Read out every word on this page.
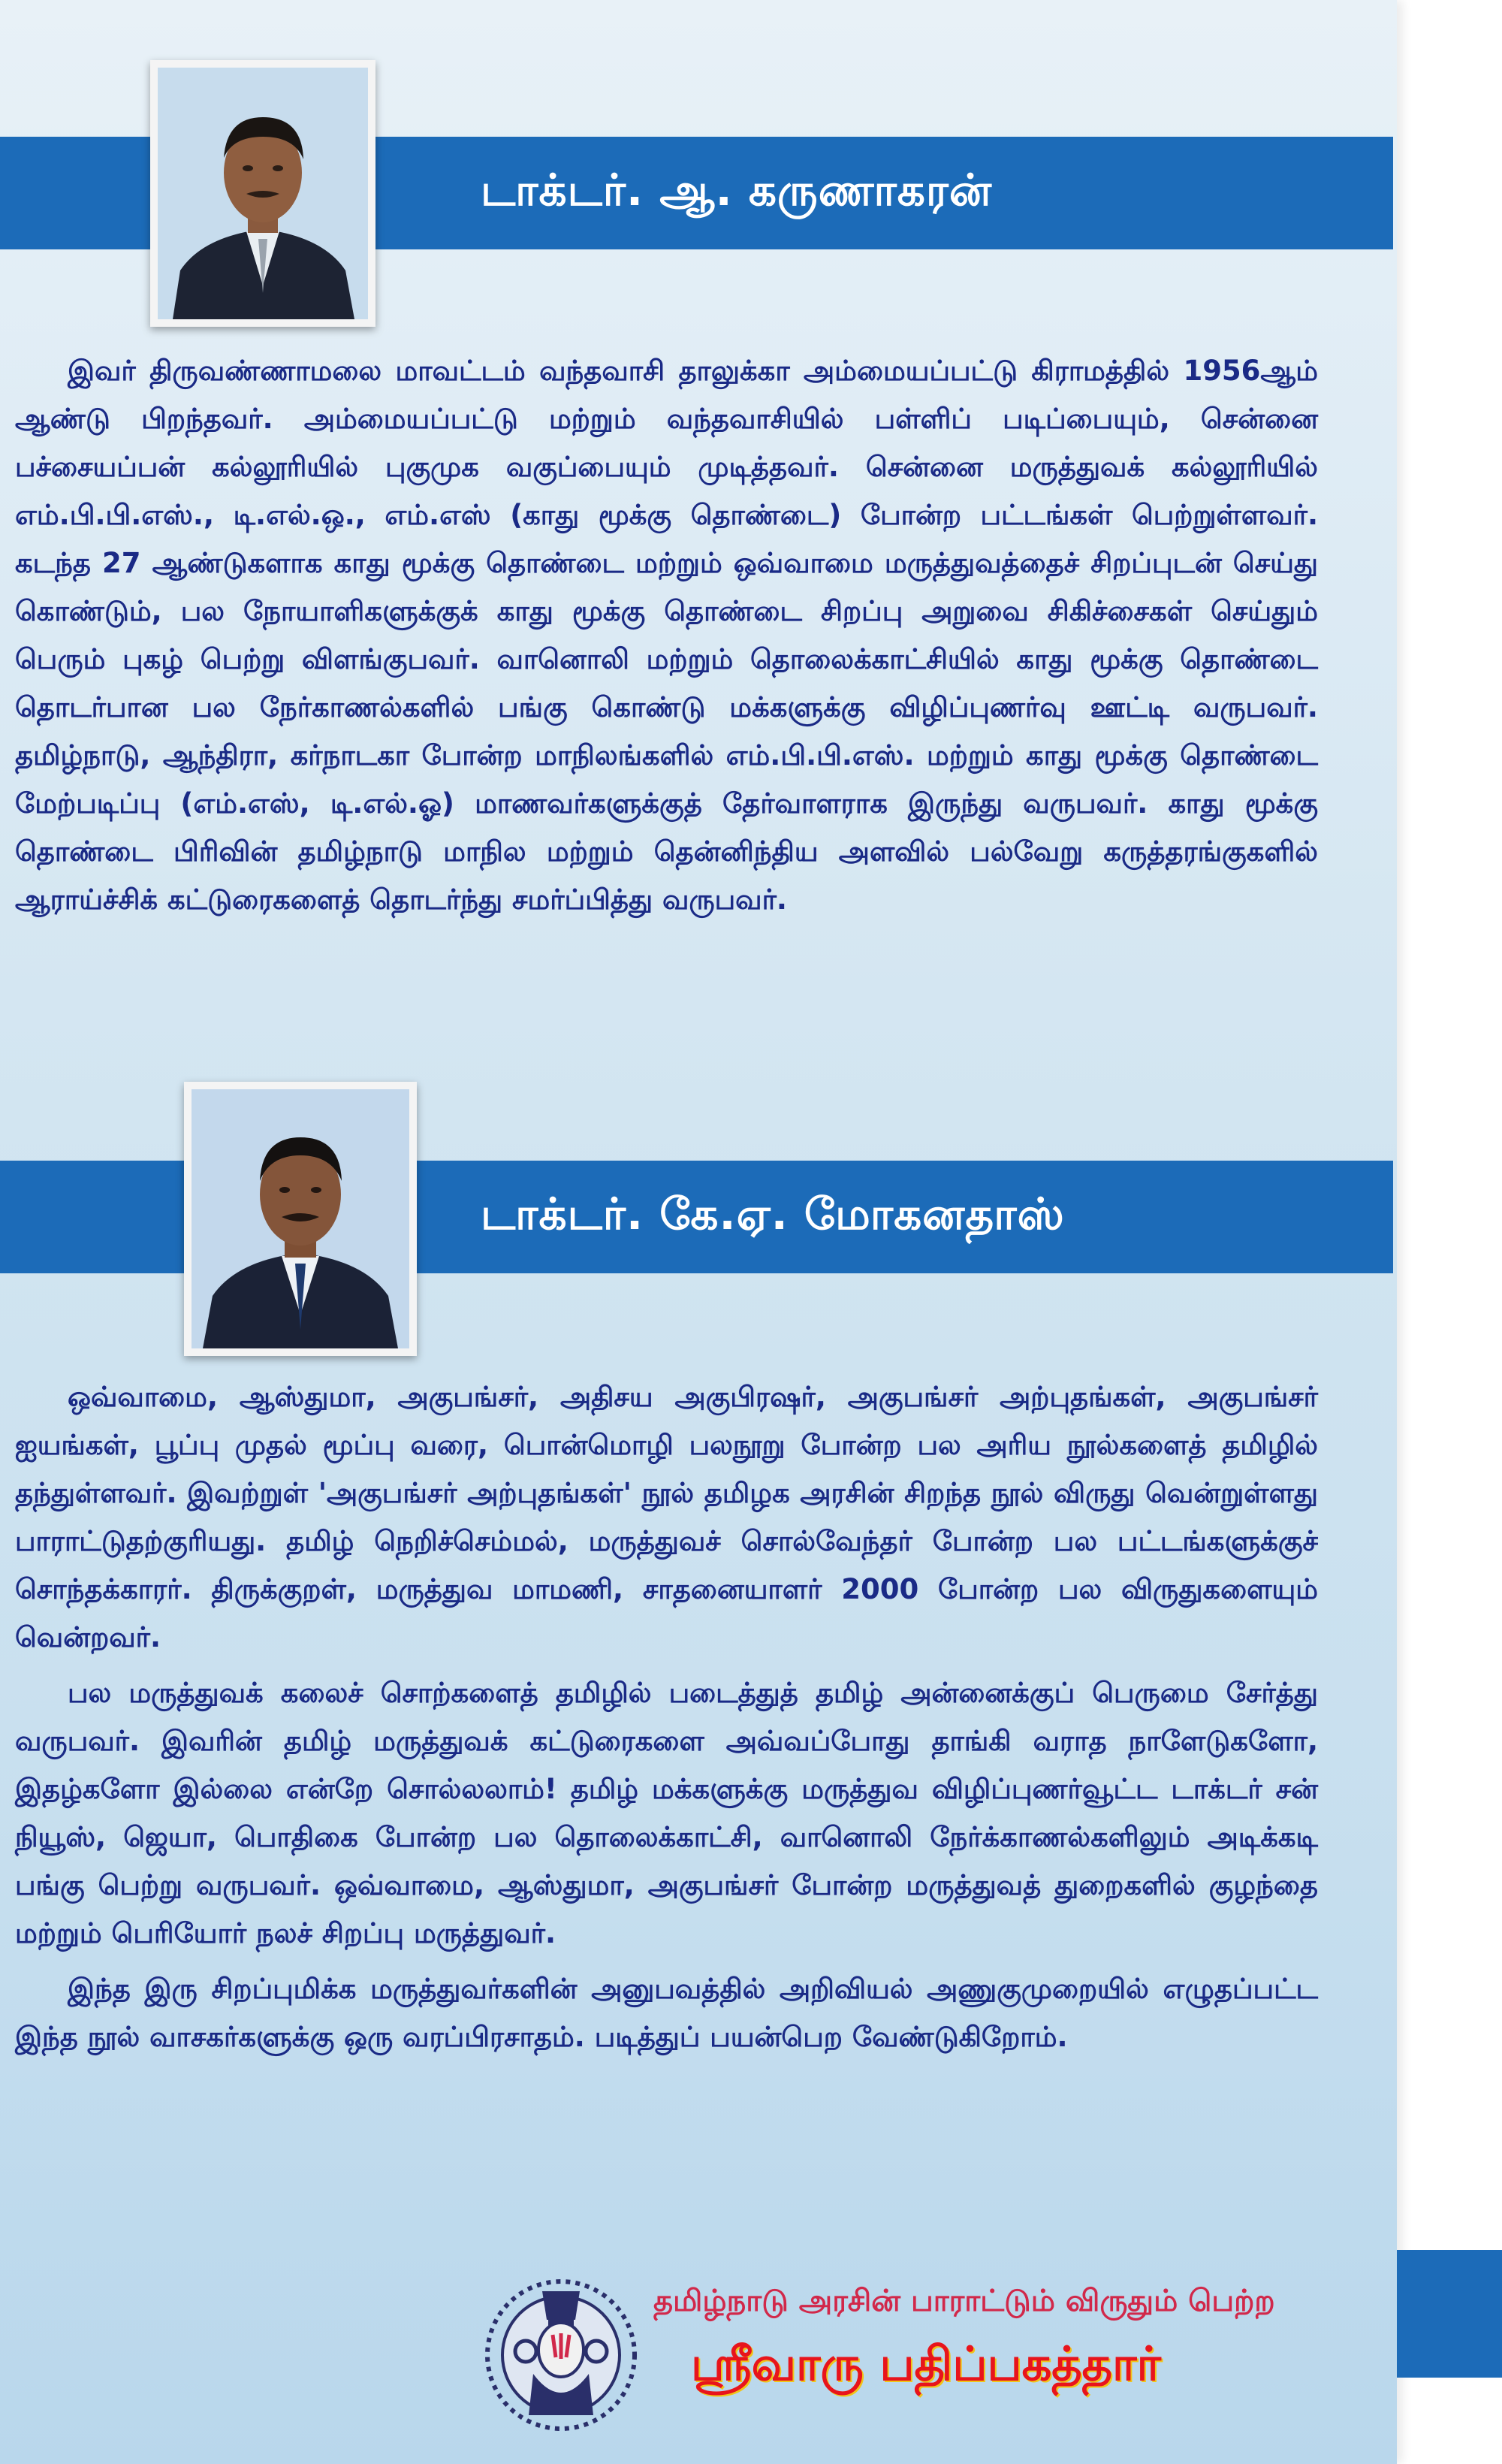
டாக்டர். ஆ. கருணாகரன்

இவர் திருவண்ணாமலை மாவட்டம் வந்தவாசி தாலுக்கா அம்மையப்பட்டு கிராமத்தில் 1956ஆம் ஆண்டு பிறந்தவர். அம்மையப்பட்டு மற்றும் வந்தவாசியில் பள்ளிப் படிப்பையும், சென்னை பச்சையப்பன் கல்லூரியில் புகுமுக வகுப்பையும் முடித்தவர். சென்னை மருத்துவக் கல்லூரியில் எம்.பி.பி.எஸ்., டி.எல்.ஒ., எம்.எஸ் (காது மூக்கு தொண்டை) போன்ற பட்டங்கள் பெற்றுள்ளவர். கடந்த 27 ஆண்டுகளாக காது மூக்கு தொண்டை மற்றும் ஒவ்வாமை மருத்துவத்தைச் சிறப்புடன் செய்து கொண்டும், பல நோயாளிகளுக்குக் காது மூக்கு தொண்டை சிறப்பு அறுவை சிகிச்சைகள் செய்தும் பெரும் புகழ் பெற்று விளங்குபவர். வானொலி மற்றும் தொலைக்காட்சியில் காது மூக்கு தொண்டை தொடர்பான பல நேர்காணல்களில் பங்கு கொண்டு மக்களுக்கு விழிப்புணர்வு ஊட்டி வருபவர். தமிழ்நாடு, ஆந்திரா, கர்நாடகா போன்ற மாநிலங்களில் எம்.பி.பி.எஸ். மற்றும் காது மூக்கு தொண்டை மேற்படிப்பு (எம்.எஸ், டி.எல்.ஓ) மாணவர்களுக்குத் தேர்வாளராக இருந்து வருபவர். காது மூக்கு தொண்டை பிரிவின் தமிழ்நாடு மாநில மற்றும் தென்னிந்திய அளவில் பல்வேறு கருத்தரங்குகளில் ஆராய்ச்சிக் கட்டுரைகளைத் தொடர்ந்து சமர்ப்பித்து வருபவர்.

டாக்டர். கே.ஏ. மோகனதாஸ்

ஒவ்வாமை, ஆஸ்துமா, அகுபங்சர், அதிசய அகுபிரஷர், அகுபங்சர் அற்புதங்கள், அகுபங்சர் ஐயங்கள், பூப்பு முதல் மூப்பு வரை, பொன்மொழி பலநூறு போன்ற பல அரிய நூல்களைத் தமிழில் தந்துள்ளவர். இவற்றுள் 'அகுபங்சர் அற்புதங்கள்' நூல் தமிழக அரசின் சிறந்த நூல் விருது வென்றுள்ளது பாராட்டுதற்குரியது. தமிழ் நெறிச்செம்மல், மருத்துவச் சொல்வேந்தர் போன்ற பல பட்டங்களுக்குச் சொந்தக்காரர். திருக்குறள், மருத்துவ மாமணி, சாதனையாளர் 2000 போன்ற பல விருதுகளையும் வென்றவர்.

பல மருத்துவக் கலைச் சொற்களைத் தமிழில் படைத்துத் தமிழ் அன்னைக்குப் பெருமை சேர்த்து வருபவர். இவரின் தமிழ் மருத்துவக் கட்டுரைகளை அவ்வப்போது தாங்கி வராத நாளேடுகளோ, இதழ்களோ இல்லை என்றே சொல்லலாம்! தமிழ் மக்களுக்கு மருத்துவ விழிப்புணர்வூட்ட டாக்டர் சன் நியூஸ், ஜெயா, பொதிகை போன்ற பல தொலைக்காட்சி, வானொலி நேர்க்காணல்களிலும் அடிக்கடி பங்கு பெற்று வருபவர். ஒவ்வாமை, ஆஸ்துமா, அகுபங்சர் போன்ற மருத்துவத் துறைகளில் குழந்தை மற்றும் பெரியோர் நலச் சிறப்பு மருத்துவர்.

இந்த இரு சிறப்புமிக்க மருத்துவர்களின் அனுபவத்தில் அறிவியல் அணுகுமுறையில் எழுதப்பட்ட இந்த நூல் வாசகர்களுக்கு ஒரு வரப்பிரசாதம். படித்துப் பயன்பெற வேண்டுகிறோம்.

தமிழ்நாடு அரசின் பாராட்டும் விருதும் பெற்ற
ஸ்ரீவாரு பதிப்பகத்தார்
